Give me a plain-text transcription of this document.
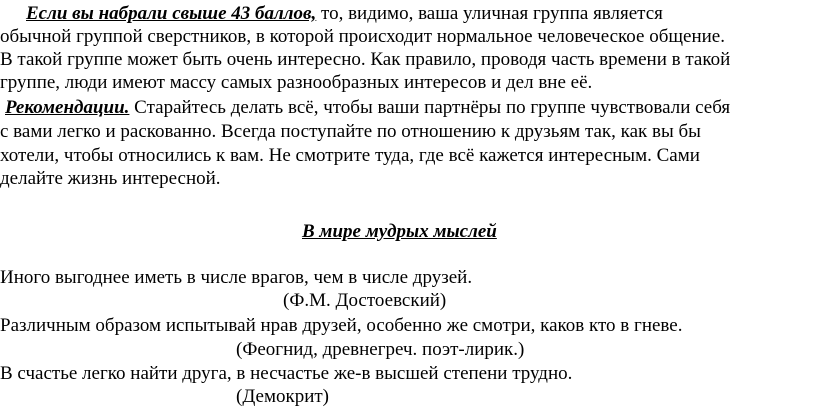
Если вы набрали свыше 43 баллов, то, видимо, ваша уличная группа является
обычной группой сверстников, в которой происходит нормальное человеческое общение.
В такой группе может быть очень интересно. Как правило, проводя часть времени в такой
группе, люди имеют массу самых разнообразных интересов и дел вне её.
Рекомендации. Старайтесь делать всё, чтобы ваши партнёры по группе чувствовали себя
с вами легко и раскованно. Всегда поступайте по отношению к друзьям так, как вы бы
хотели, чтобы относились к вам. Не смотрите туда, где всё кажется интересным. Сами
делайте жизнь интересной.
В мире мудрых мыслей
Иного выгоднее иметь в числе врагов, чем в числе друзей.
(Ф.М. Достоевский)
Различным образом испытывай нрав друзей, особенно же смотри, каков кто в гневе.
(Феогнид, древнегреч. поэт-лирик.)
В счастье легко найти друга, в несчастье же-в высшей степени трудно.
(Демокрит)
